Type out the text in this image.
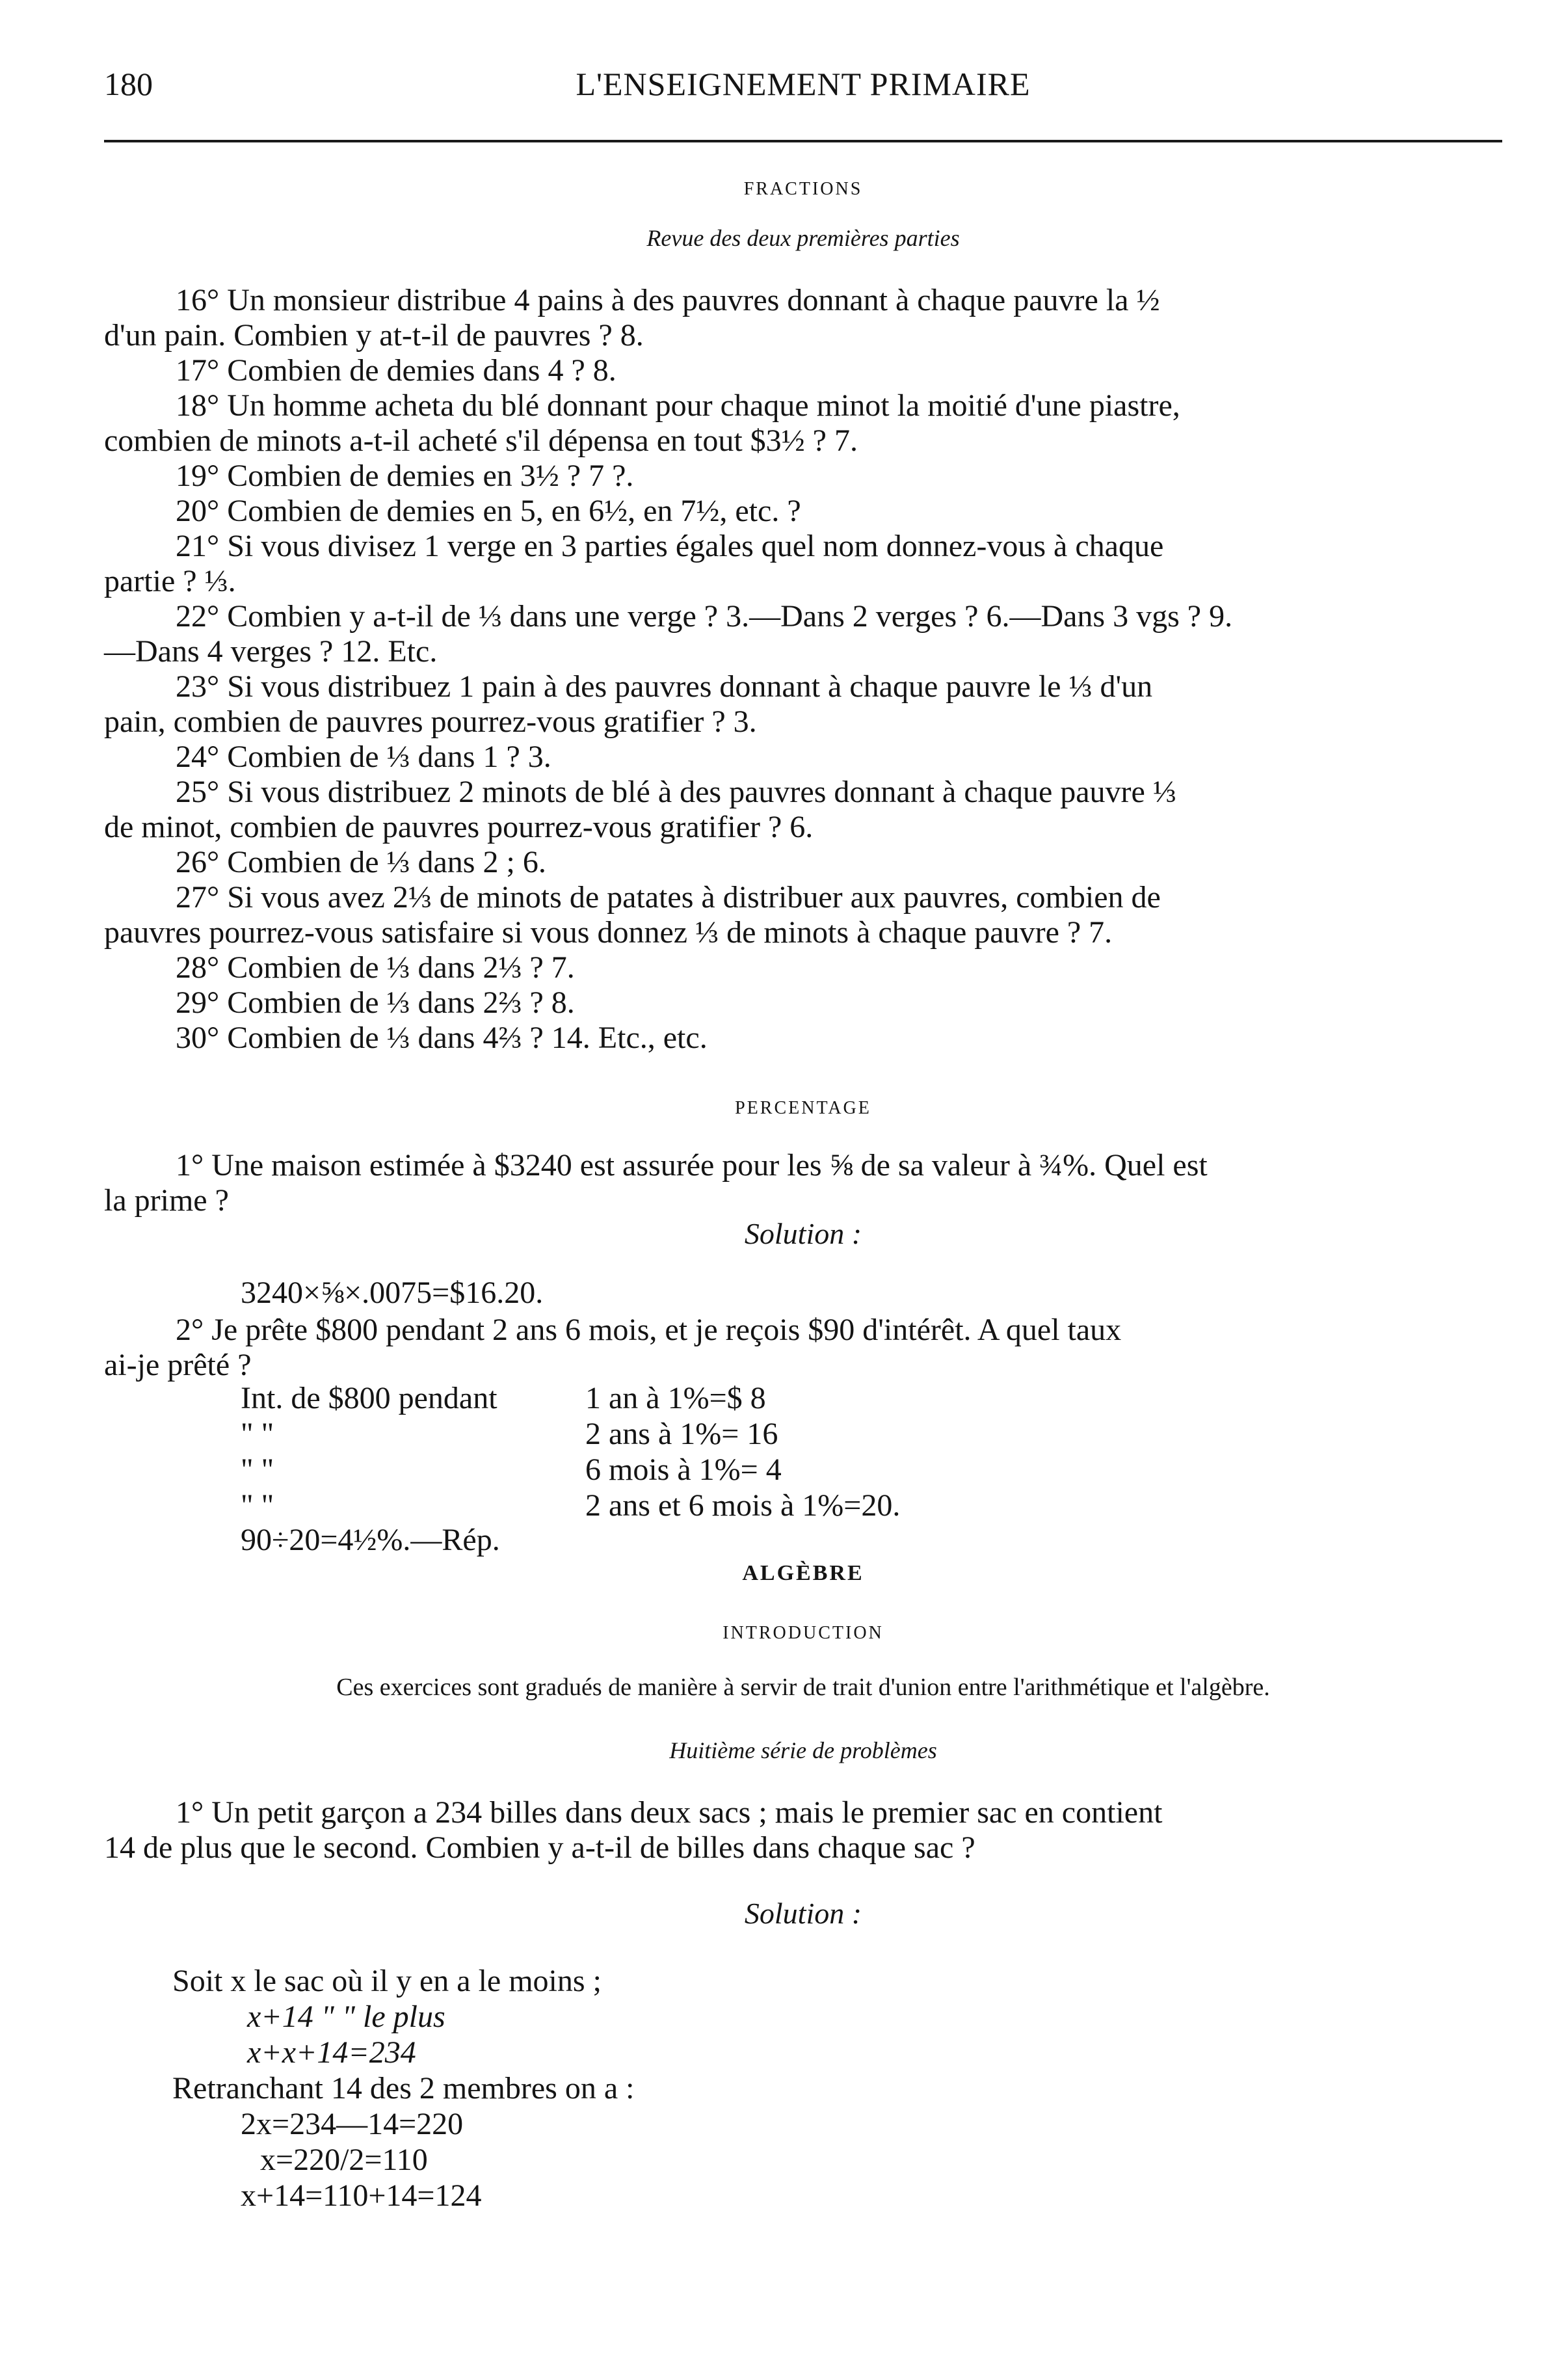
180	L'ENSEIGNEMENT PRIMAIRE
FRACTIONS
Revue des deux premières parties
16° Un monsieur distribue 4 pains à des pauvres donnant à chaque pauvre la ½
d'un pain. Combien y at-t-il de pauvres ? 8.
17° Combien de demies dans 4 ? 8.
18° Un homme acheta du blé donnant pour chaque minot la moitié d'une piastre,
combien de minots a-t-il acheté s'il dépensa en tout $3½ ? 7.
19° Combien de demies en 3½ ? 7 ?.
20° Combien de demies en 5, en 6½, en 7½, etc. ?
21° Si vous divisez 1 verge en 3 parties égales quel nom donnez-vous à chaque
partie ? ⅓.
22° Combien y a-t-il de ⅓ dans une verge ? 3.—Dans 2 verges ? 6.—Dans 3 vgs ? 9.
—Dans 4 verges ? 12. Etc.
23° Si vous distribuez 1 pain à des pauvres donnant à chaque pauvre le ⅓ d'un
pain, combien de pauvres pourrez-vous gratifier ? 3.
24° Combien de ⅓ dans 1 ? 3.
25° Si vous distribuez 2 minots de blé à des pauvres donnant à chaque pauvre ⅓
de minot, combien de pauvres pourrez-vous gratifier ? 6.
26° Combien de ⅓ dans 2 ; 6.
27° Si vous avez 2⅓ de minots de patates à distribuer aux pauvres, combien de
pauvres pourrez-vous satisfaire si vous donnez ⅓ de minots à chaque pauvre ? 7.
28° Combien de ⅓ dans 2⅓ ? 7.
29° Combien de ⅓ dans 2⅔ ? 8.
30° Combien de ⅓ dans 4⅔ ? 14. Etc., etc.
PERCENTAGE
1° Une maison estimée à $3240 est assurée pour les ⅝ de sa valeur à ¾%. Quel est
la prime ?
Solution :
3240×⅝×.0075=$16.20.
2° Je prête $800 pendant 2 ans 6 mois, et je reçois $90 d'intérêt. A quel taux
ai-je prêté ?
Int. de $800 pendant	1 an à 1%=$ 8
" "	2 ans à 1%= 16
" "	6 mois à 1%= 4
" "	2 ans et 6 mois à 1%=20.
90÷20=4½%.—Rép.
ALGÈBRE
INTRODUCTION
Ces exercices sont gradués de manière à servir de trait d'union entre l'arithmétique et l'algèbre.
Huitième série de problèmes
1° Un petit garçon a 234 billes dans deux sacs ; mais le premier sac en contient
14 de plus que le second. Combien y a-t-il de billes dans chaque sac ?
Solution :
Soit x le sac où il y en a le moins ;
x+14 " " le plus
x+x+14=234
Retranchant 14 des 2 membres on a :
2x=234—14=220
x=220/2=110
x+14=110+14=124
